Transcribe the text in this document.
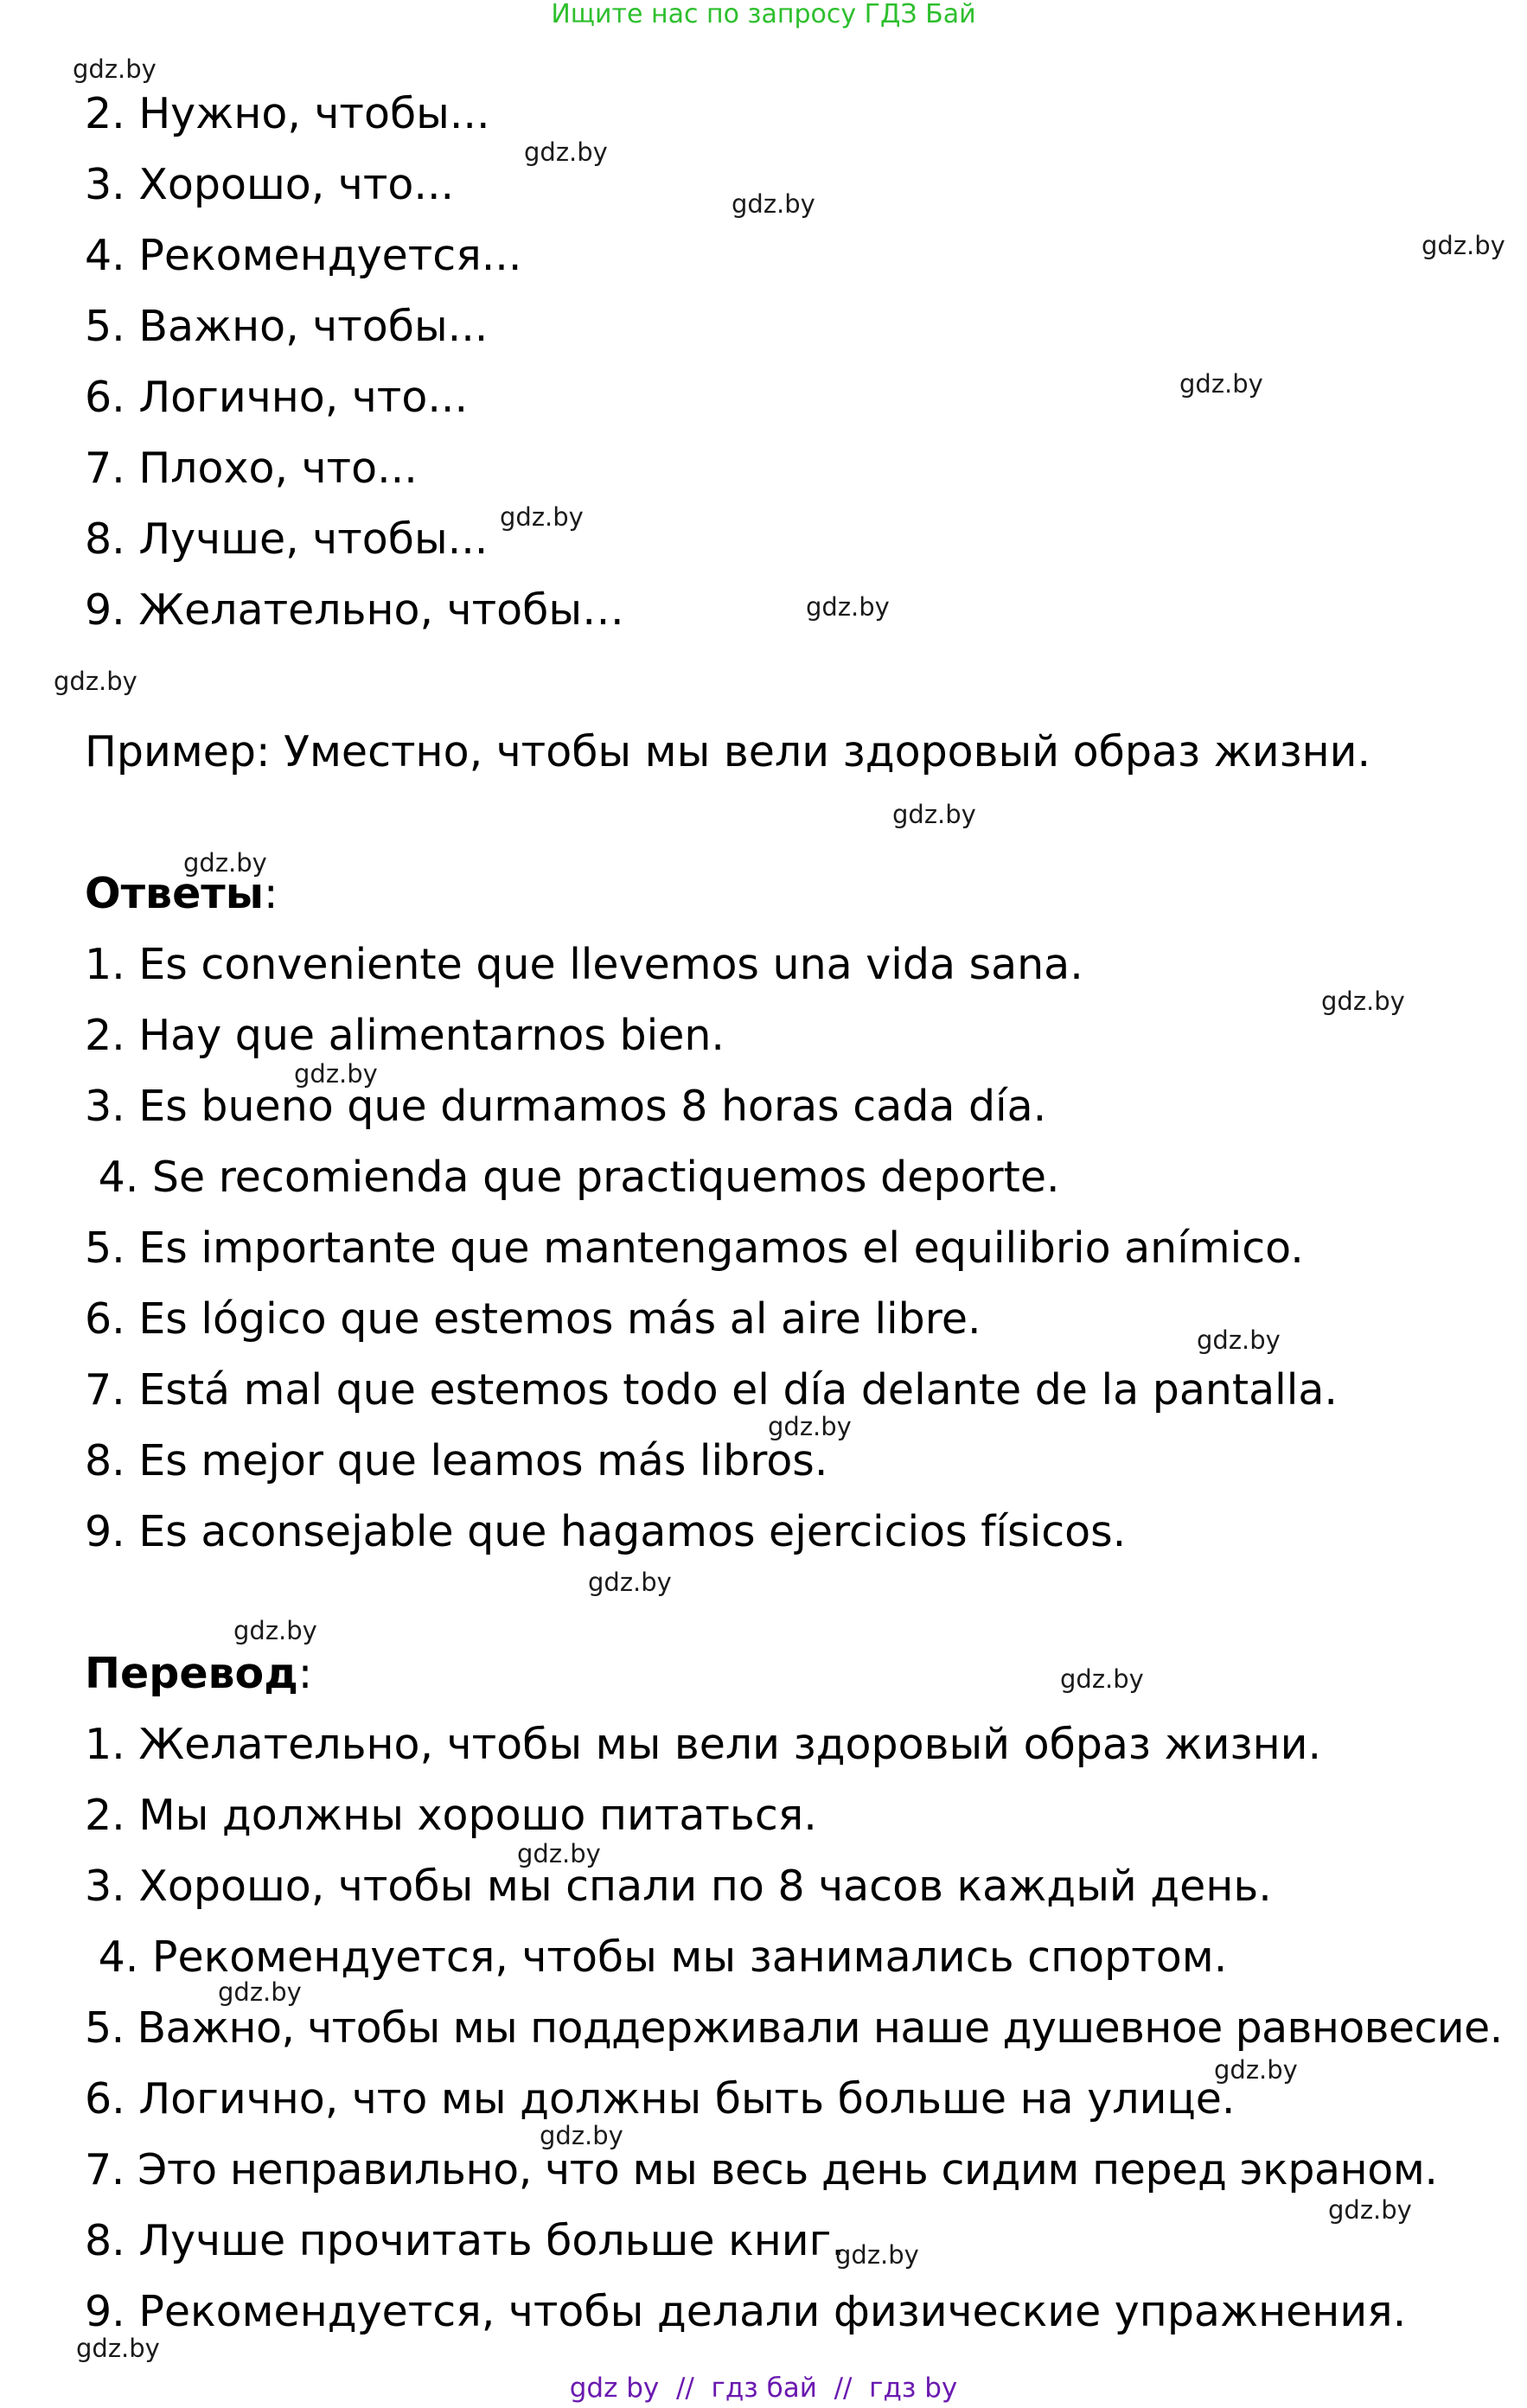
Ищите нас по запросу ГДЗ Бай
2. Нужно, чтобы...
3. Хорошо, что...
4. Рекомендуется...
5. Важно, чтобы...
6. Логично, что...
7. Плохо, что...
8. Лучше, чтобы...
9. Желательно, чтобы…
Пример: Уместно, чтобы мы вели здоровый образ жизни.
Ответы:
1. Es conveniente que llevemos una vida sana.
2. Hay que alimentarnos bien.
3. Es bueno que durmamos 8 horas cada día.
4. Se recomienda que practiquemos deporte.
5. Es importante que mantengamos el equilibrio anímico.
6. Es lógico que estemos más al aire libre.
7. Está mal que estemos todo el día delante de la pantalla.
8. Es mejor que leamos más libros.
9. Es aconsejable que hagamos ejercicios físicos.
Перевод:
1. Желательно, чтобы мы вели здоровый образ жизни.
2. Мы должны хорошо питаться.
3. Хорошо, чтобы мы спали по 8 часов каждый день.
4. Рекомендуется, чтобы мы занимались спортом.
5. Важно, чтобы мы поддерживали наше душевное равновесие.
6. Логично, что мы должны быть больше на улице.
7. Это неправильно, что мы весь день сидим перед экраном.
8. Лучше прочитать больше книг.
9. Рекомендуется, чтобы делали физические упражнения.
gdz.by
gdz.by
gdz.by
gdz.by
gdz.by
gdz.by
gdz.by
gdz.by
gdz.by
gdz.by
gdz.by
gdz.by
gdz.by
gdz.by
gdz.by
gdz.by
gdz.by
gdz.by
gdz.by
gdz.by
gdz.by
gdz.by
gdz.by
gdz.by
gdz by  //  гдз бай  //  гдз by
